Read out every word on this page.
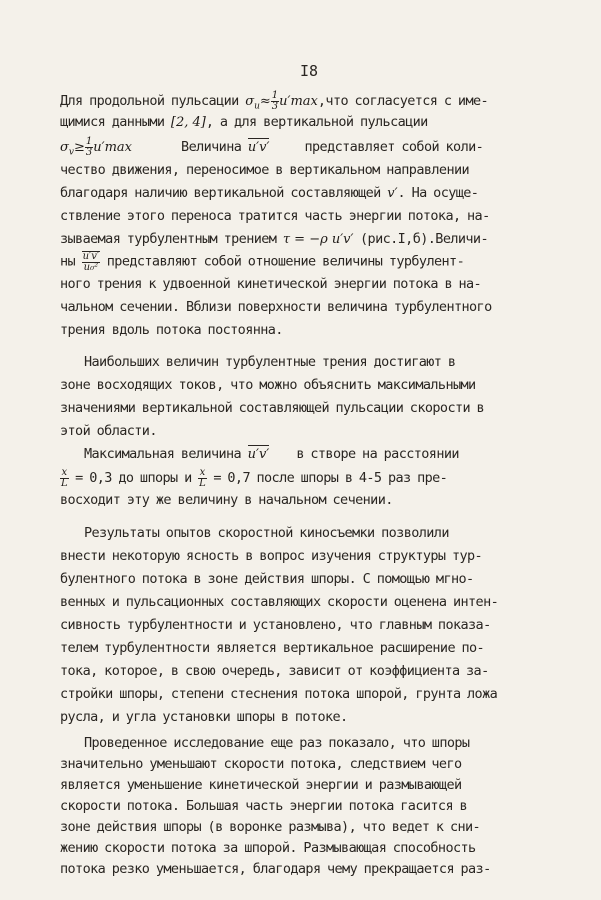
I8
Для продольной пульсации $\sigma_u\approx \frac{1}{3} u'\max,что$ согласуется с име-
щимися данными [2, 4], а для вертикальной пульсации
$\sigma_v\ge \frac{1}{3} u'\max$	Величина u′v′	представляет собой коли-
чество движения, переносимое в вертикальном направлении
благодаря наличию вертикальной составляющей v′. На осуще-
ствление этого переноса тратится часть энергии потока, на-
зываемая турбулентным трением τ = −ρ u′v′ (рис.I,б).Величи-
ны $\frac{u'v'}{\text{u₀²}}$ представляют собой отношение величины турбулент-
ного трения к удвоенной кинетической энергии потока в на-
чальном сечении. Вблизи поверхности величина турбулентного
трения вдоль потока постоянна.
Наибольших величин турбулентные трения достигают в
зоне восходящих токов, что можно объяснить максимальными
значениями вертикальной составляющей пульсации скорости в
этой области.
Максимальная величина u′v′ в створе на расстоянии
$\frac{x}{L} = 0,3$ до шпоры и $\frac{x}{L} = 0,7$ после шпоры в 4-5 раз пре-
восходит эту же величину в начальном сечении.
Результаты опытов скоростной киносъемки позволили
внести некоторую ясность в вопрос изучения структуры тур-
булентного потока в зоне действия шпоры. С помощью мгно-
венных и пульсационных составляющих скорости оценена интен-
сивность турбулентности и установлено, что главным показа-
телем турбулентности является вертикальное расширение по-
тока, которое, в свою очередь, зависит от коэффициента за-
стройки шпоры, степени стеснения потока шпорой, грунта ложа
русла, и угла установки шпоры в потоке.
Проведенное исследование еще раз показало, что шпоры
значительно уменьшают скорости потока, следствием чего
является уменьшение кинетической энергии и размывающей
скорости потока. Большая часть энергии потока гасится в
зоне действия шпоры (в воронке размыва), что ведет к сни-
жению скорости потока за шпорой. Размывающая способность
потока резко уменьшается, благодаря чему прекращается раз-
